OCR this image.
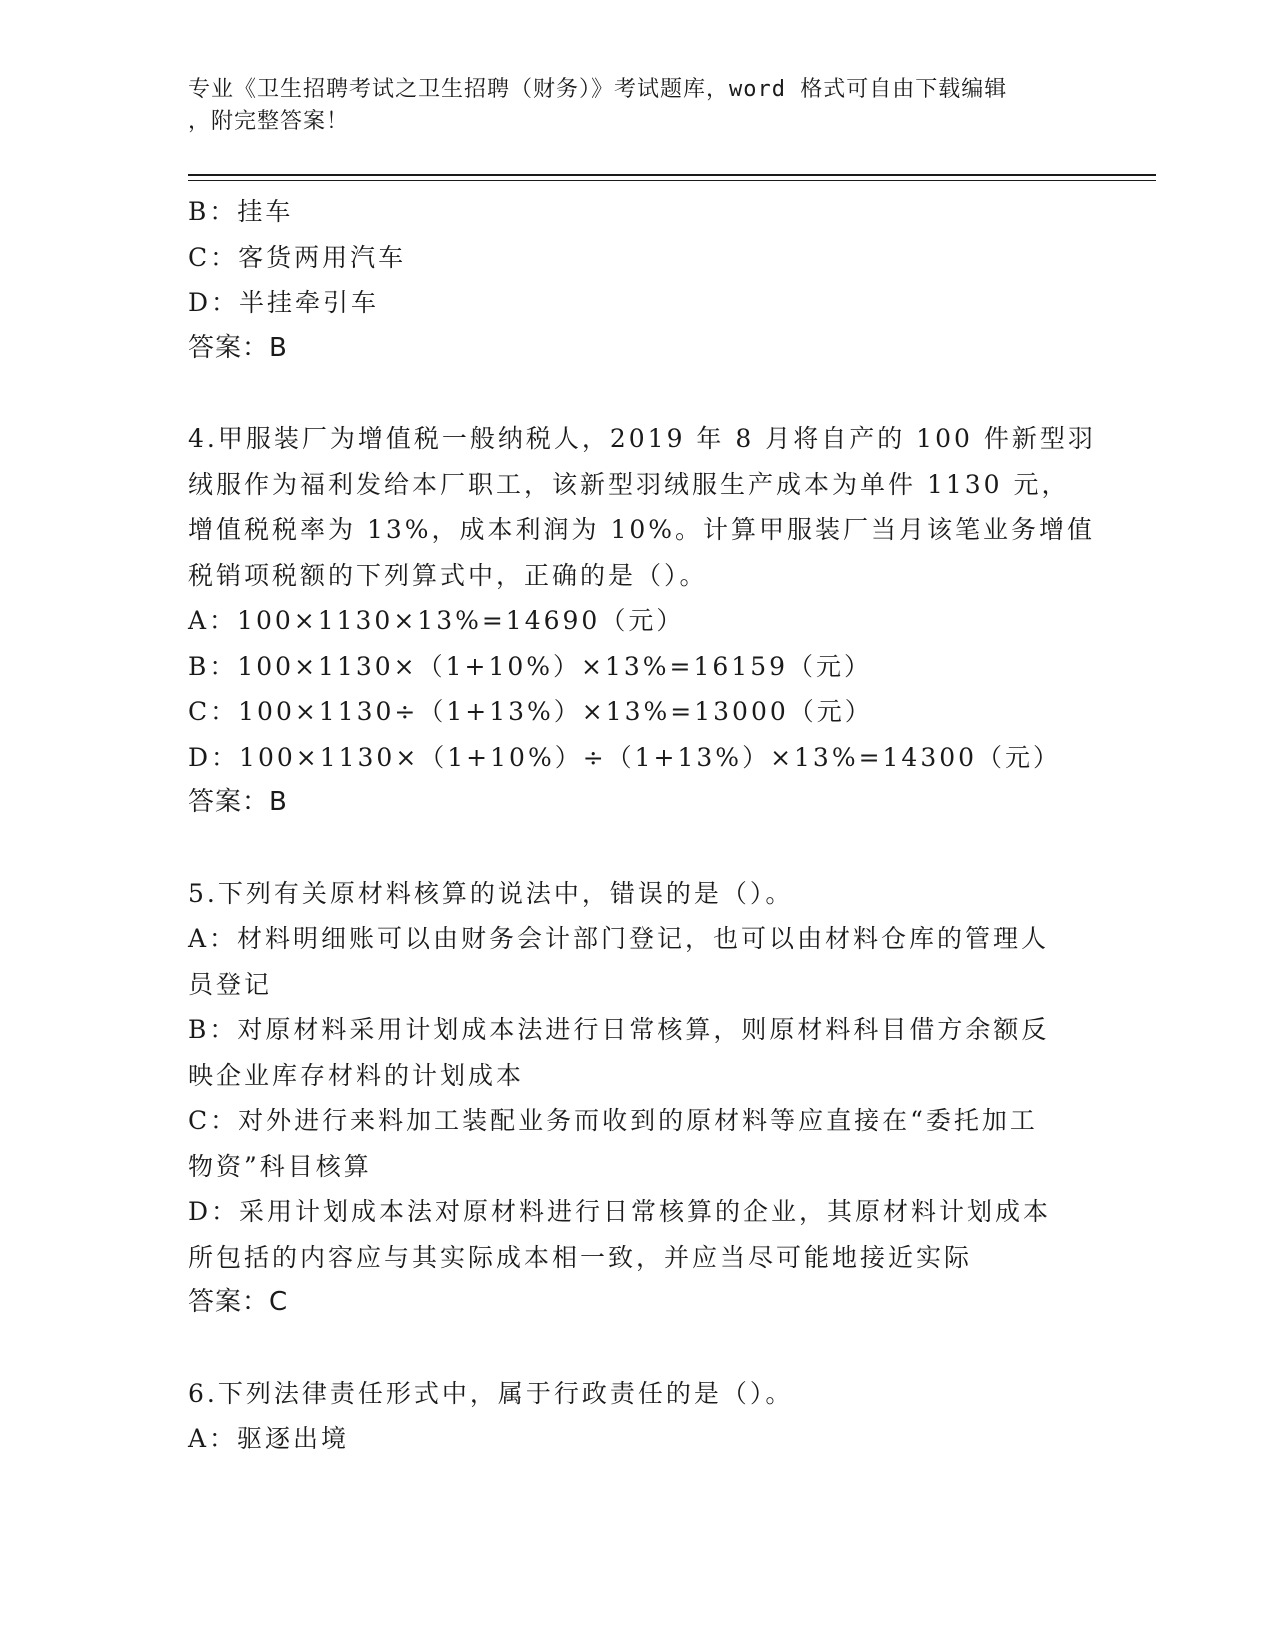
专业《卫生招聘考试之卫生招聘（财务）》考试题库，word 格式可自由下载编辑
，附完整答案！
B：挂车
C：客货两用汽车
D：半挂牵引车
答案：B
4.甲服装厂为增值税一般纳税人，2019 年 8 月将自产的 100 件新型羽
绒服作为福利发给本厂职工，该新型羽绒服生产成本为单件 1130 元，
增值税税率为 13%，成本利润为 10%。计算甲服装厂当月该笔业务增值
税销项税额的下列算式中，正确的是（）。
A：100×1130×13%=14690（元）
B：100×1130×（1+10%）×13%=16159（元）
C：100×1130÷（1+13%）×13%=13000（元）
D：100×1130×（1+10%）÷（1+13%）×13%=14300（元）
答案：B
5.下列有关原材料核算的说法中，错误的是（）。
A：材料明细账可以由财务会计部门登记，也可以由材料仓库的管理人
员登记
B：对原材料采用计划成本法进行日常核算，则原材料科目借方余额反
映企业库存材料的计划成本
C：对外进行来料加工装配业务而收到的原材料等应直接在“委托加工
物资”科目核算
D：采用计划成本法对原材料进行日常核算的企业，其原材料计划成本
所包括的内容应与其实际成本相一致，并应当尽可能地接近实际
答案：C
6.下列法律责任形式中，属于行政责任的是（）。
A：驱逐出境
